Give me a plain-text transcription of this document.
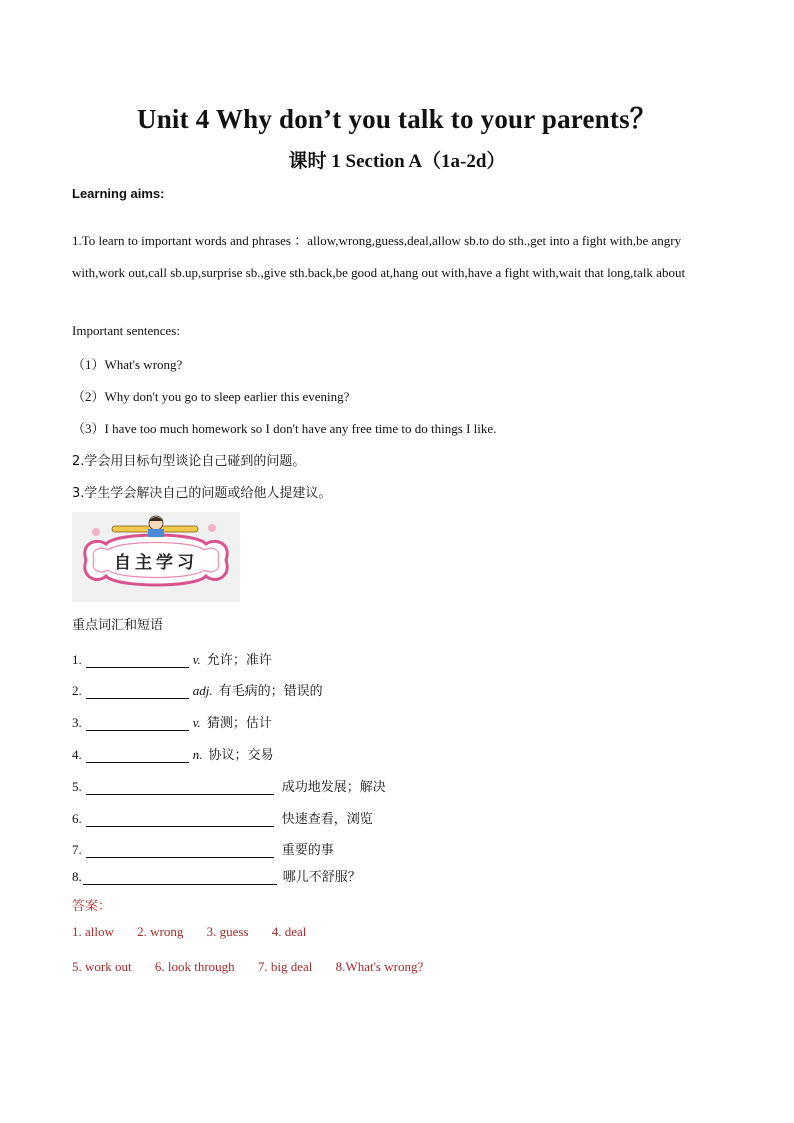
Unit 4 Why don’t you talk to your parents？
课时 1 Section A（1a-2d）
Learning aims:
1.To learn to important words and phrases ：allow,wrong,guess,deal,allow sb.to do sth.,get into a fight with,be angry with,work out,call sb.up,surprise sb.,give sth.back,be good at,hang out with,have a fight with,wait that long,talk about
Important sentences:
（1）What's wrong?
（2）Why don't you go to sleep earlier this evening?
（3）I have too much homework so I don't have any free time to do things I like.
2.学会用目标句型谈论自己碰到的问题。
3.学生学会解决自己的问题或给他人提建议。
自主学习
重点词汇和短语
1.	v. 允许；准许
2.	adj. 有毛病的；错误的
3.	v. 猜测；估计
4.	n. 协议；交易
5.	成功地发展；解决
6.	快速查看，浏览
7.	重要的事
8.	哪儿不舒服？
答案：
1. allow 2. wrong 3. guess 4. deal
5. work out 6. look through 7. big deal 8.What's wrong?
